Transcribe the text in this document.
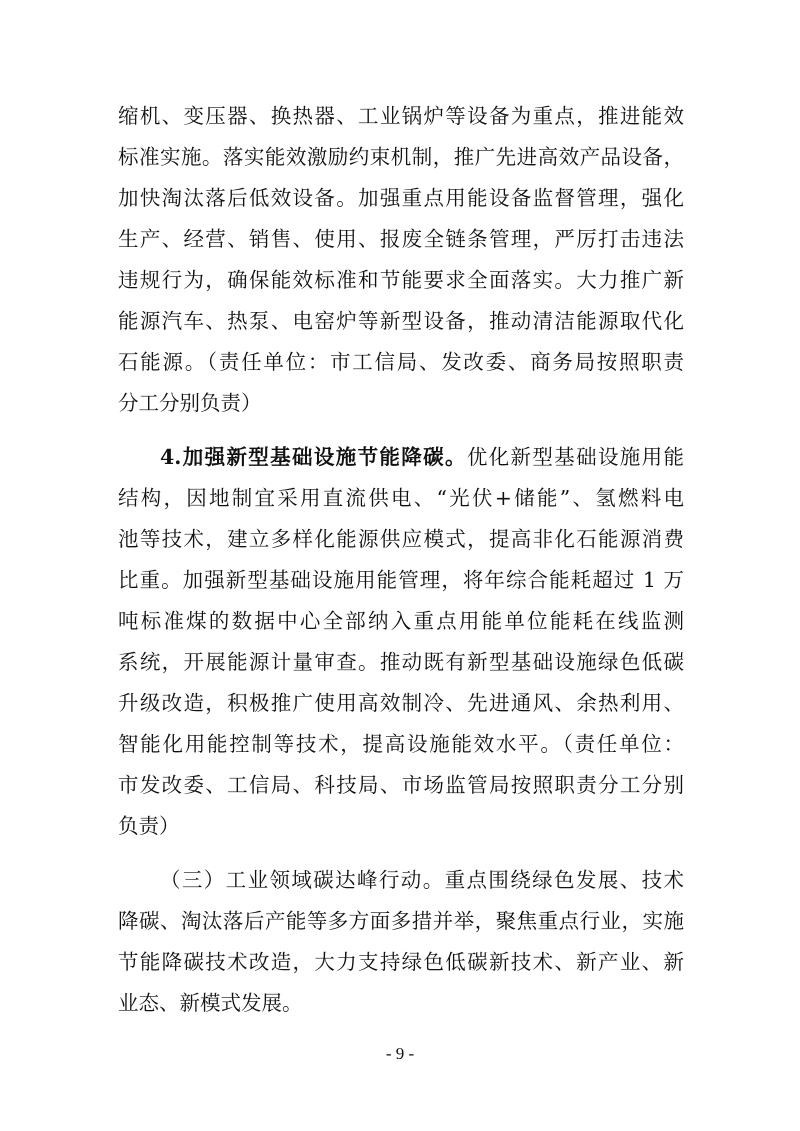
缩机、变压器、换热器、工业锅炉等设备为重点，推进能效
标准实施。落实能效激励约束机制，推广先进高效产品设备，
加快淘汰落后低效设备。加强重点用能设备监督管理，强化
生产、经营、销售、使用、报废全链条管理，严厉打击违法
违规行为，确保能效标准和节能要求全面落实。大力推广新
能源汽车、热泵、电窑炉等新型设备，推动清洁能源取代化
石能源。（责任单位：市工信局、发改委、商务局按照职责
分工分别负责）
4.加强新型基础设施节能降碳。优化新型基础设施用能
结构，因地制宜采用直流供电、“光伏+储能”、氢燃料电
池等技术，建立多样化能源供应模式，提高非化石能源消费
比重。加强新型基础设施用能管理，将年综合能耗超过 1 万
吨标准煤的数据中心全部纳入重点用能单位能耗在线监测
系统，开展能源计量审查。推动既有新型基础设施绿色低碳
升级改造，积极推广使用高效制冷、先进通风、余热利用、
智能化用能控制等技术，提高设施能效水平。（责任单位：
市发改委、工信局、科技局、市场监管局按照职责分工分别
负责）
（三）工业领域碳达峰行动。重点围绕绿色发展、技术
降碳、淘汰落后产能等多方面多措并举，聚焦重点行业，实施
节能降碳技术改造，大力支持绿色低碳新技术、新产业、新
业态、新模式发展。
- 9 -
